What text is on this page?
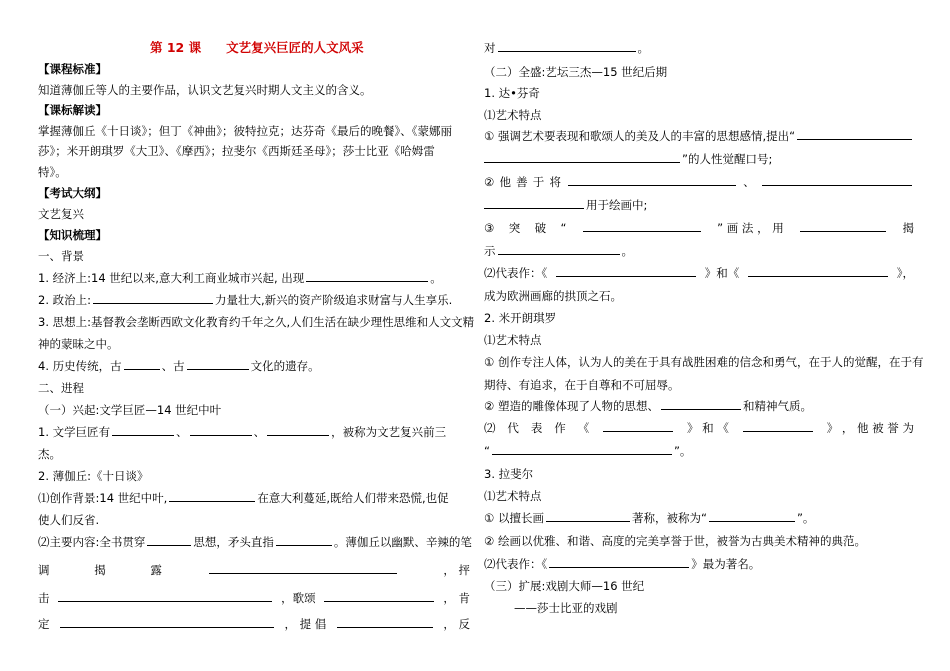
第 12 课　　文艺复兴巨匠的人文风采
【课程标准】
知道薄伽丘等人的主要作品，认识文艺复兴时期人文主义的含义。
【课标解读】
掌握薄伽丘《十日谈》；但丁《神曲》；彼特拉克；达芬奇《最后的晚餐》、《蒙娜丽
莎》；米开朗琪罗《大卫》、《摩西》；拉斐尔《西斯廷圣母》；莎士比亚《哈姆雷
特》。
【考试大纲】
文艺复兴
【知识梳理】
一、背景
1. 经济上:14 世纪以来,意大利工商业城市兴起, 出现	。
2. 政治上:	力量壮大,新兴的资产阶级追求财富与人生享乐.
3. 思想上:基督教会垄断西欧文化教育约千年之久,人们生活在缺少理性思维和人文文精
神的蒙昧之中。
4. 历史传统，古	、古	文化的遗存。
二、进程
（一）兴起:文学巨匠—14 世纪中叶
1. 文学巨匠有	、	、	，被称为文艺复兴前三
杰。
2. 薄伽丘:《十日谈》
⑴创作背景:14 世纪中叶,	在意大利蔓延,既给人们带来恐慌,也促
使人们反省.
⑵主要内容:全书贯穿	思想，矛头直指	。薄伽丘以幽默、辛辣的笔
调	揭	露	， 抨
击	，歌颂	， 肯
定	， 提 倡	， 反
对	。
（二）全盛:艺坛三杰—15 世纪后期
1. 达•芬奇
⑴艺术特点
① 强调艺术要表现和歌颂人的美及人的丰富的思想感情,提出“
”的人性觉醒口号;
② 他 善 于 将	、
用于绘画中;
③ 突 破 “	” 画 法 ， 用	揭
示	。
⑵代表作：《	》和《	》，
成为欧洲画廊的拱顶之石。
2. 米开朗琪罗
⑴艺术特点
① 创作专注人体，认为人的美在于具有战胜困难的信念和勇气，在于人的觉醒，在于有
期待、有追求，在于自尊和不可屈辱。
② 塑造的雕像体现了人物的思想、	和精神气质。
⑵ 代 表 作 《	》 和 《	》 ， 他 被 誉 为
“	”。
3. 拉斐尔
⑴艺术特点
① 以擅长画	著称，被称为“	”。
② 绘画以优雅、和谐、高度的完美享誉于世，被誉为古典美术精神的典范。
⑵代表作：《	》最为著名。
（三）扩展:戏剧大师—16 世纪
——莎士比亚的戏剧
